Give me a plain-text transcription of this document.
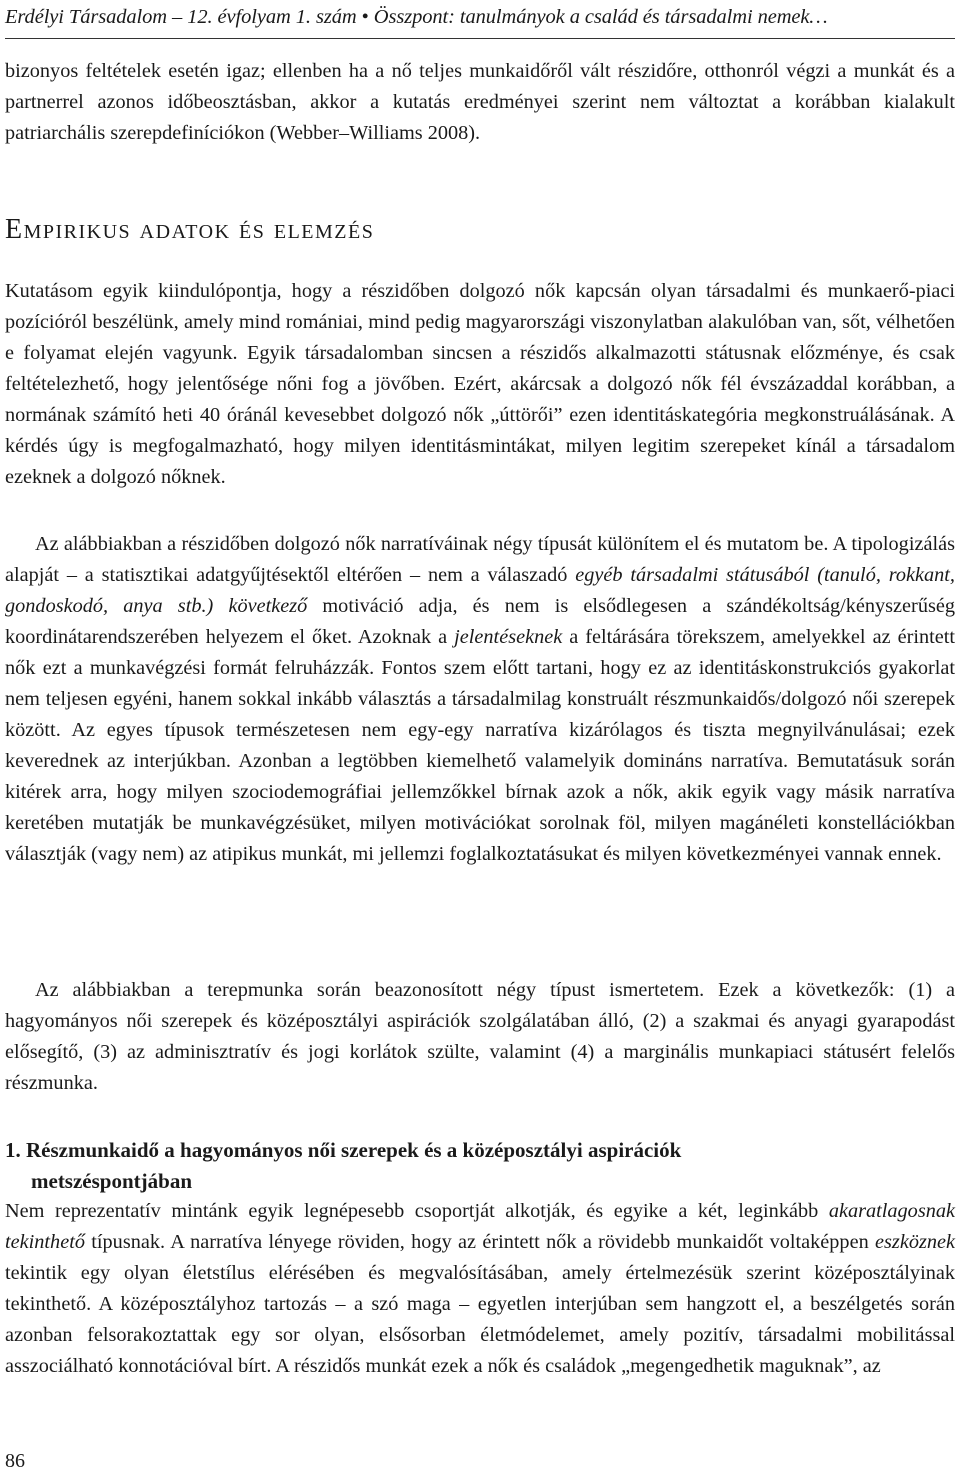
Erdélyi Társadalom – 12. évfolyam 1. szám • Összpont: tanulmányok a család és társadalmi nemek…

bizonyos feltételek esetén igaz; ellenben ha a nő teljes munkaidőről vált részidőre, otthonról végzi a munkát és a partnerrel azonos időbeosztásban, akkor a kutatás eredményei szerint nem változtat a korábban kialakult patriarchális szerepdefiníciókon (Webber–Williams 2008).

Empirikus adatok és elemzés

Kutatásom egyik kiindulópontja, hogy a részidőben dolgozó nők kapcsán olyan társadalmi és munkaerő-piaci pozícióról beszélünk, amely mind romániai, mind pedig magyarországi viszonylatban alakulóban van, sőt, vélhetően e folyamat elején vagyunk. Egyik társadalomban sincsen a részidős alkalmazotti státusnak előzménye, és csak feltételezhető, hogy jelentősége nőni fog a jövőben. Ezért, akárcsak a dolgozó nők fél évszázaddal korábban, a normának számító heti 40 óránál kevesebbet dolgozó nők „úttörői” ezen identitáskategória megkonstruálásának. A kérdés úgy is megfogalmazható, hogy milyen identitásmintákat, milyen legitim szerepeket kínál a társadalom ezeknek a dolgozó nőknek.

Az alábbiakban a részidőben dolgozó nők narratíváinak négy típusát különítem el és mutatom be. A tipologizálás alapját – a statisztikai adatgyűjtésektől eltérően – nem a válaszadó egyéb társadalmi státusából (tanuló, rokkant, gondoskodó, anya stb.) következő motiváció adja, és nem is elsődlegesen a szándékoltság/kényszerűség koordinátarendszerében helyezem el őket. Azoknak a jelentéseknek a feltárására törekszem, amelyekkel az érintett nők ezt a munkavégzési formát felruházzák. Fontos szem előtt tartani, hogy ez az identitáskonstrukciós gyakorlat nem teljesen egyéni, hanem sokkal inkább választás a társadalmilag konstruált részmunkaidős/dolgozó női szerepek között. Az egyes típusok természetesen nem egy-egy narratíva kizárólagos és tiszta megnyilvánulásai; ezek keverednek az interjúkban. Azonban a legtöbben kiemelhető valamelyik domináns narratíva. Bemutatásuk során kitérek arra, hogy milyen szociodemográfiai jellemzőkkel bírnak azok a nők, akik egyik vagy másik narratíva keretében mutatják be munkavégzésüket, milyen motivációkat sorolnak föl, milyen magánéleti konstellációkban választják (vagy nem) az atipikus munkát, mi jellemzi foglalkoztatásukat és milyen következményei vannak ennek.

Az alábbiakban a terepmunka során beazonosított négy típust ismertetem. Ezek a következők: (1) a hagyományos női szerepek és középosztályi aspirációk szolgálatában álló, (2) a szakmai és anyagi gyarapodást elősegítő, (3) az adminisztratív és jogi korlátok szülte, valamint (4) a marginális munkapiaci státusért felelős részmunka.

1. Részmunkaidő a hagyományos női szerepek és a középosztályi aspirációk
metszéspontjában

Nem reprezentatív mintánk egyik legnépesebb csoportját alkotják, és egyike a két, leginkább akaratlagosnak tekinthető típusnak. A narratíva lényege röviden, hogy az érintett nők a rövidebb munkaidőt voltaképpen eszköznek tekintik egy olyan életstílus elérésében és megvalósításában, amely értelmezésük szerint középosztályinak tekinthető. A középosztályhoz tartozás – a szó maga – egyetlen interjúban sem hangzott el, a beszélgetés során azonban felsorakoztattak egy sor olyan, elsősorban életmódelemet, amely pozitív, társadalmi mobilitással asszociálható konnotációval bírt. A részidős munkát ezek a nők és családok „megengedhetik maguknak”, az

86
